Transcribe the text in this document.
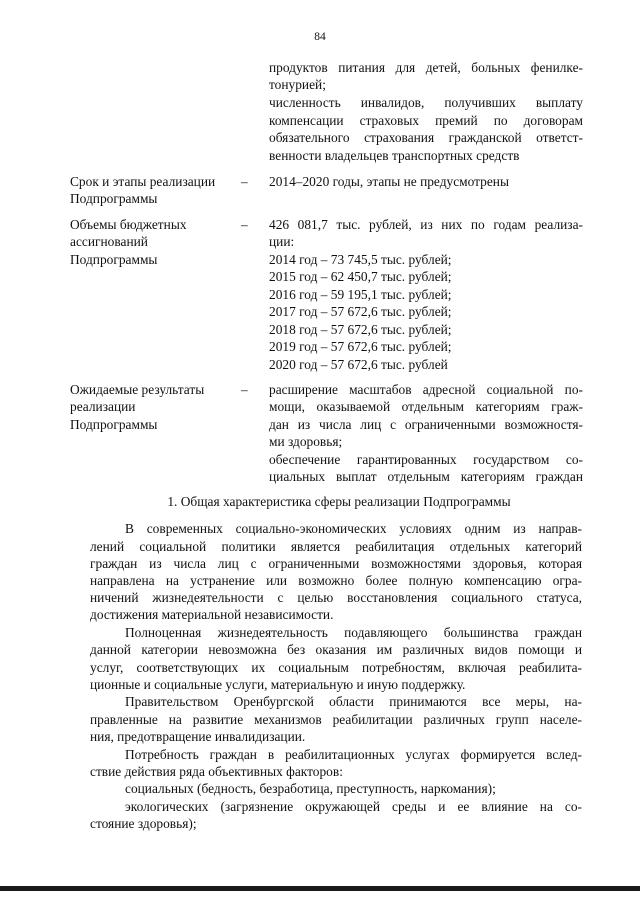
84
продуктов питания для детей, больных фенилке-
тонурией;
численность инвалидов, получивших выплату
компенсации страховых премий по договорам
обязательного страхования гражданской ответст-
венности владельцев транспортных средств
Срок и этапы реализации
Подпрограммы
– 2014–2020 годы, этапы не предусмотрены
Объемы бюджетных
ассигнований
Подпрограммы
– 426 081,7 тыс. рублей, из них по годам реализа-
ции:
2014 год – 73 745,5 тыс. рублей;
2015 год – 62 450,7 тыс. рублей;
2016 год – 59 195,1 тыс. рублей;
2017 год – 57 672,6 тыс. рублей;
2018 год – 57 672,6 тыс. рублей;
2019 год – 57 672,6 тыс. рублей;
2020 год – 57 672,6 тыс. рублей
Ожидаемые результаты
реализации
Подпрограммы
– расширение масштабов адресной социальной по-
мощи, оказываемой отдельным категориям граж-
дан из числа лиц с ограниченными возможностя-
ми здоровья;
обеспечение гарантированных государством со-
циальных выплат отдельным категориям граждан
1. Общая характеристика сферы реализации Подпрограммы
В современных социально-экономических условиях одним из направ-
лений социальной политики является реабилитация отдельных категорий
граждан из числа лиц с ограниченными возможностями здоровья, которая
направлена на устранение или возможно более полную компенсацию огра-
ничений жизнедеятельности с целью восстановления социального статуса,
достижения материальной независимости.
Полноценная жизнедеятельность подавляющего большинства граждан
данной категории невозможна без оказания им различных видов помощи и
услуг, соответствующих их социальным потребностям, включая реабилита-
ционные и социальные услуги, материальную и иную поддержку.
Правительством Оренбургской области принимаются все меры, на-
правленные на развитие механизмов реабилитации различных групп населе-
ния, предотвращение инвалидизации.
Потребность граждан в реабилитационных услугах формируется вслед-
ствие действия ряда объективных факторов:
социальных (бедность, безработица, преступность, наркомания);
экологических (загрязнение окружающей среды и ее влияние на со-
стояние здоровья);
